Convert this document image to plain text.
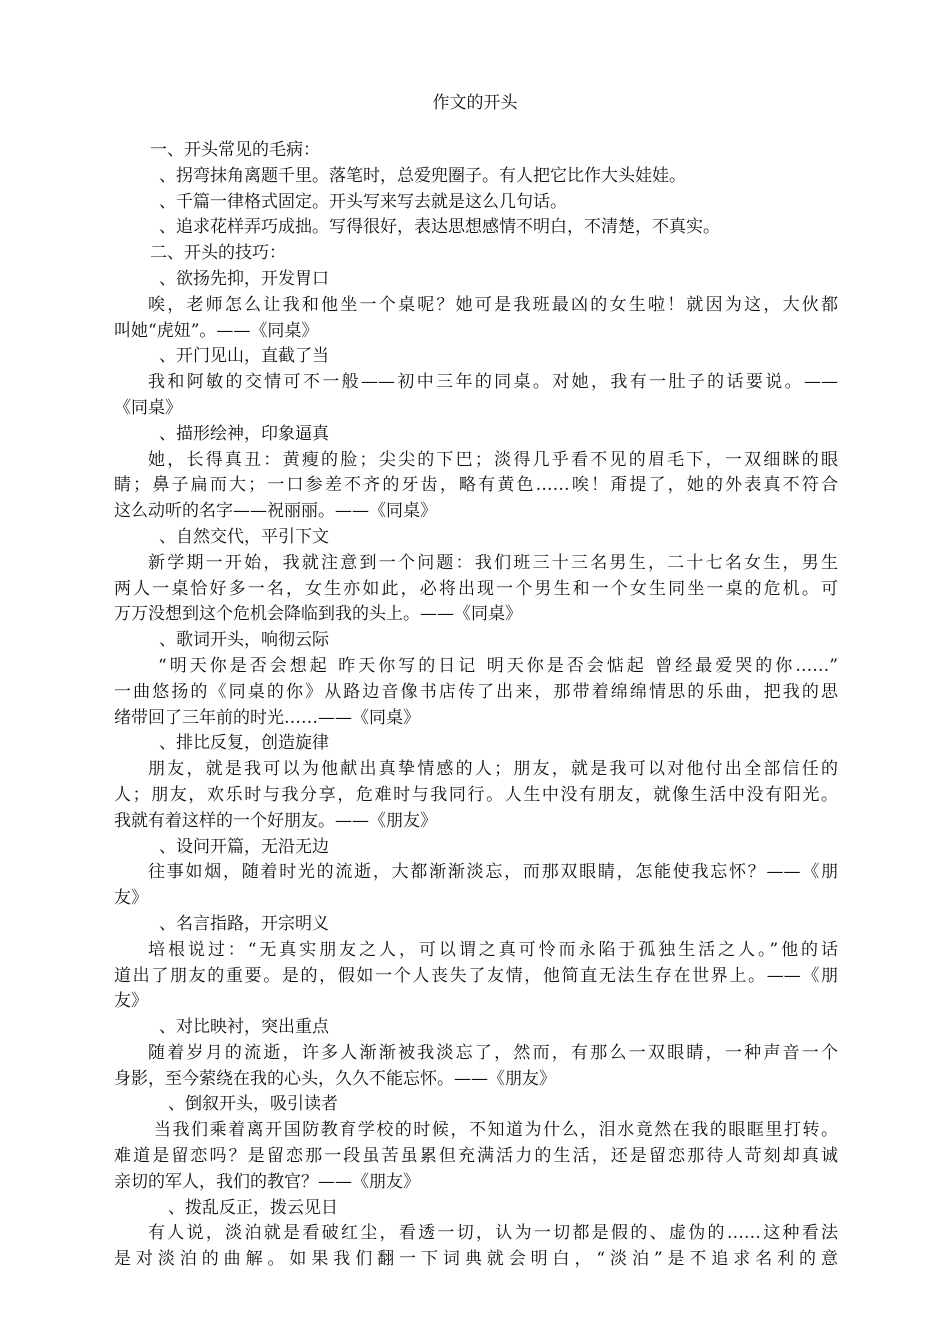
作文的开头
一、开头常见的毛病：
、拐弯抹角离题千里。落笔时，总爱兜圈子。有人把它比作大头娃娃。
、千篇一律格式固定。开头写来写去就是这么几句话。
、追求花样弄巧成拙。写得很好，表达思想感情不明白，不清楚，不真实。
二、开头的技巧：
、欲扬先抑，开发胃口
唉，老师怎么让我和他坐一个桌呢？她可是我班最凶的女生啦！就因为这，大伙都
叫她“虎妞”。——《同桌》
、开门见山，直截了当
我和阿敏的交情可不一般——初中三年的同桌。对她，我有一肚子的话要说。——
《同桌》
、描形绘神，印象逼真
她，长得真丑：黄瘦的脸；尖尖的下巴；淡得几乎看不见的眉毛下，一双细眯的眼
睛；鼻子扁而大；一口参差不齐的牙齿，略有黄色……唉！甭提了，她的外表真不符合
这么动听的名字——祝丽丽。——《同桌》
、自然交代，平引下文
新学期一开始，我就注意到一个问题：我们班三十三名男生，二十七名女生，男生
两人一桌恰好多一名，女生亦如此，必将出现一个男生和一个女生同坐一桌的危机。可
万万没想到这个危机会降临到我的头上。——《同桌》
、歌词开头，响彻云际
“明天你是否会想起 昨天你写的日记 明天你是否会惦起 曾经最爱哭的你……”
一曲悠扬的《同桌的你》从路边音像书店传了出来，那带着绵绵情思的乐曲，把我的思
绪带回了三年前的时光……——《同桌》
、排比反复，创造旋律
朋友，就是我可以为他献出真挚情感的人；朋友，就是我可以对他付出全部信任的
人；朋友，欢乐时与我分享，危难时与我同行。人生中没有朋友，就像生活中没有阳光。
我就有着这样的一个好朋友。——《朋友》
、设问开篇，无沿无边
往事如烟，随着时光的流逝，大都渐渐淡忘，而那双眼睛，怎能使我忘怀？——《朋
友》
、名言指路，开宗明义
培根说过：“无真实朋友之人，可以谓之真可怜而永陷于孤独生活之人。”他的话
道出了朋友的重要。是的，假如一个人丧失了友情，他简直无法生存在世界上。——《朋
友》
、对比映衬，突出重点
随着岁月的流逝，许多人渐渐被我淡忘了，然而，有那么一双眼睛，一种声音一个
身影，至今萦绕在我的心头，久久不能忘怀。——《朋友》
、倒叙开头，吸引读者
当我们乘着离开国防教育学校的时候，不知道为什么，泪水竟然在我的眼眶里打转。
难道是留恋吗？是留恋那一段虽苦虽累但充满活力的生活，还是留恋那待人苛刻却真诚
亲切的军人，我们的教官？——《朋友》
、拨乱反正，拨云见日
有人说，淡泊就是看破红尘，看透一切，认为一切都是假的、虚伪的……这种看法
是对淡泊的曲解。如果我们翻一下词典就会明白，“淡泊”是不追求名利的意
